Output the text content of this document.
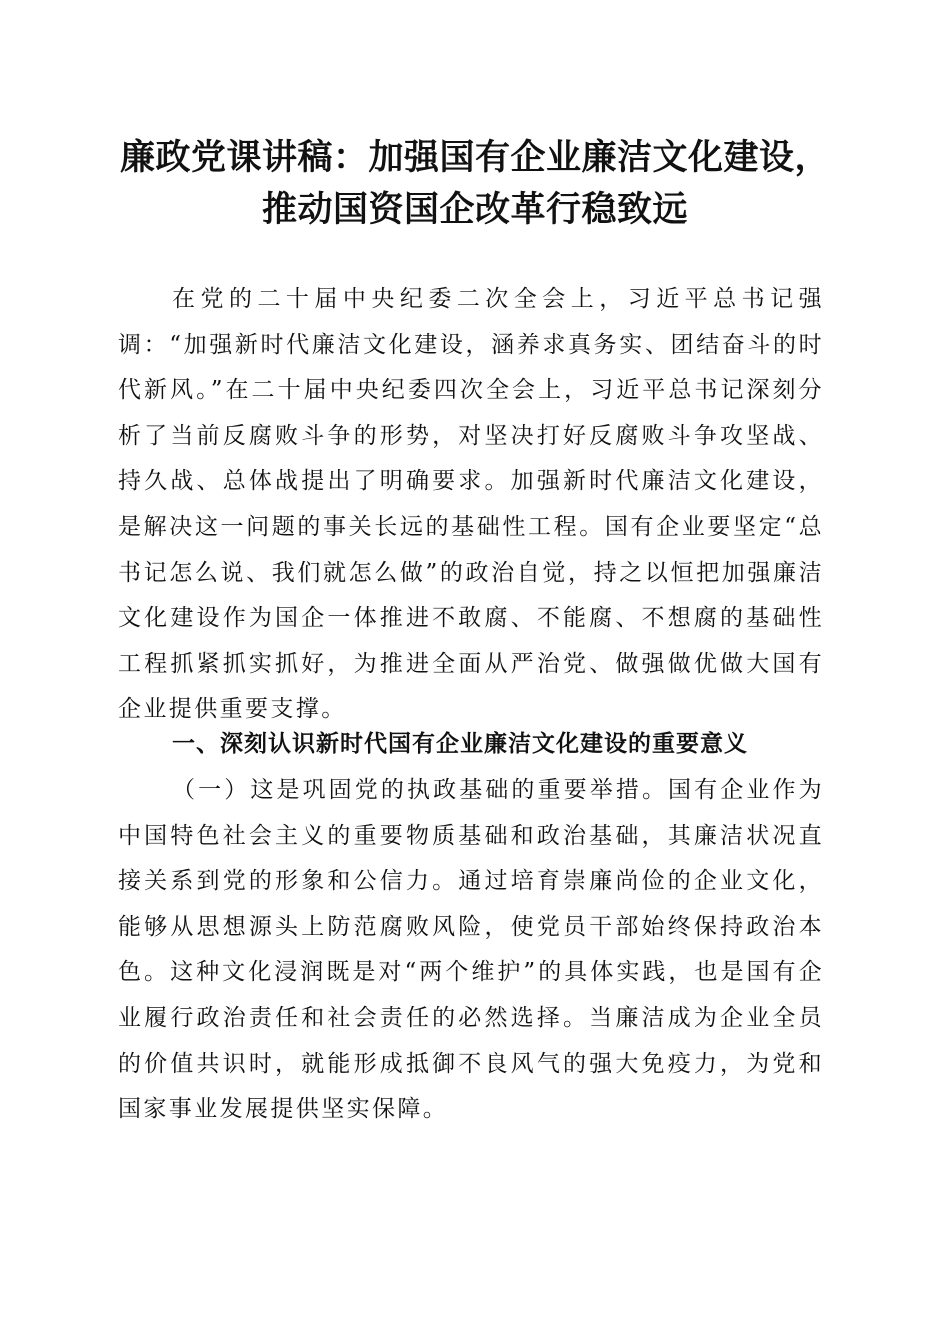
廉政党课讲稿：加强国有企业廉洁文化建设，
推动国资国企改革行稳致远

在党的二十届中央纪委二次全会上，习近平总书记强调：“加强新时代廉洁文化建设，涵养求真务实、团结奋斗的时代新风。”在二十届中央纪委四次全会上，习近平总书记深刻分析了当前反腐败斗争的形势，对坚决打好反腐败斗争攻坚战、持久战、总体战提出了明确要求。加强新时代廉洁文化建设，是解决这一问题的事关长远的基础性工程。国有企业要坚定“总书记怎么说、我们就怎么做”的政治自觉，持之以恒把加强廉洁文化建设作为国企一体推进不敢腐、不能腐、不想腐的基础性工程抓紧抓实抓好，为推进全面从严治党、做强做优做大国有企业提供重要支撑。

一、深刻认识新时代国有企业廉洁文化建设的重要意义

（一）这是巩固党的执政基础的重要举措。国有企业作为中国特色社会主义的重要物质基础和政治基础，其廉洁状况直接关系到党的形象和公信力。通过培育崇廉尚俭的企业文化，能够从思想源头上防范腐败风险，使党员干部始终保持政治本色。这种文化浸润既是对“两个维护”的具体实践，也是国有企业履行政治责任和社会责任的必然选择。当廉洁成为企业全员的价值共识时，就能形成抵御不良风气的强大免疫力，为党和国家事业发展提供坚实保障。
